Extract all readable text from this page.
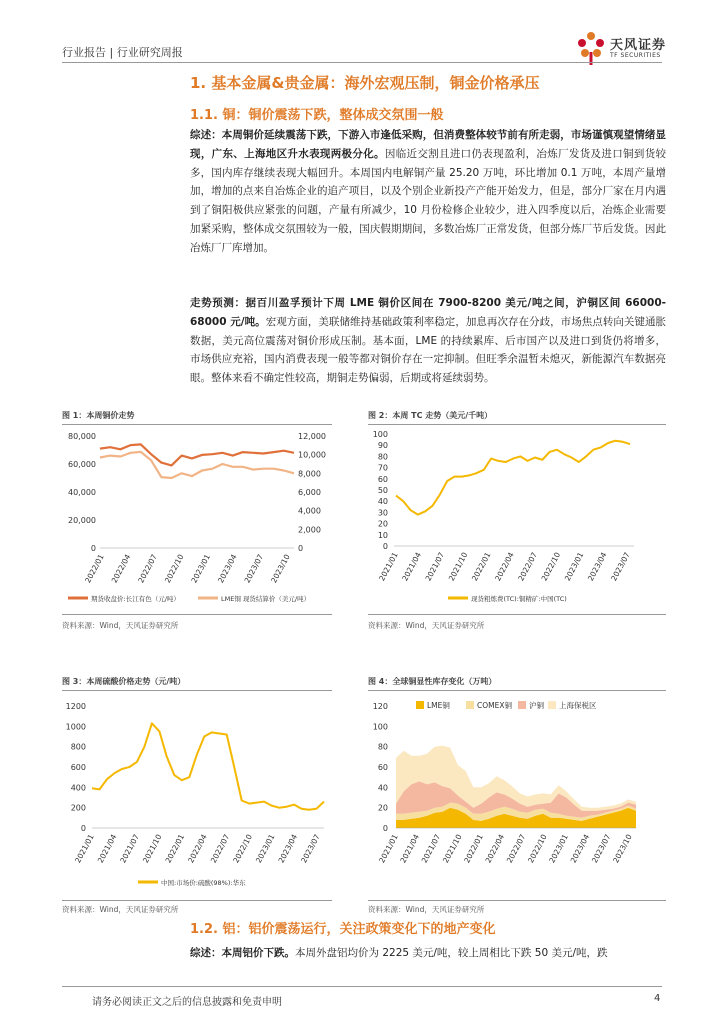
行业报告 | 行业研究周报	天风证券
TF SECURITIES
1. 基本金属&贵金属：海外宏观压制，铜金价格承压
1.1. 铜：铜价震荡下跌，整体成交氛围一般
综述：本周铜价延续震荡下跌，下游入市逢低采购，但消费整体较节前有所走弱，市场谨慎观望情绪显现，广东、上海地区升水表现两极分化。因临近交割且进口仍表现盈利，冶炼厂发货及进口铜到货较多，国内库存继续表现大幅回升。本周国内电解铜产量 25.20 万吨，环比增加 0.1 万吨，本周产量增加，增加的点来自冶炼企业的追产项目，以及个别企业新投产产能开始发力，但是，部分厂家在月内遇到了铜阳极供应紧张的问题，产量有所减少，10 月份检修企业较少，进入四季度以后，冶炼企业需要加紧采购，整体成交氛围较为一般，国庆假期期间，多数冶炼厂正常发货，但部分炼厂节后发货。因此冶炼厂厂库增加。
走势预测：据百川盈孚预计下周 LME 铜价区间在 7900-8200 美元/吨之间，沪铜区间 66000-68000 元/吨。宏观方面，美联储维持基础政策利率稳定，加息再次存在分歧，市场焦点转向关键通胀数据，美元高位震荡对铜价形成压制。基本面，LME 的持续累库、后市国产以及进口到货仍将增多，市场供应充裕，国内消费表现一般等都对铜价存在一定抑制。但旺季余温暂未熄灭，新能源汽车数据亮眼。整体来看不确定性较高，期铜走势偏弱，后期或将延续弱势。
图 1：本周铜价走势
80,000
60,000
40,000
20,000
0
12,000
10,000
8,000
6,000
4,000
2,000
0
2022/01 2022/04 2022/07 2022/10 2023/01 2023/04 2023/07 2023/10
期货收盘价:长江有色（元/吨）	LME铜 现货结算价（美元/吨）
资料来源：Wind，天风证券研究所
图 2：本周 TC 走势（美元/千吨）
100
90
80
70
60
50
40
30
20
10
0
2021/01 2021/04 2021/07 2021/10 2022/01 2022/04 2022/07 2022/10 2023/01 2023/04 2023/07
现货粗炼费(TC):铜精矿:中国(TC)
资料来源：Wind，天风证券研究所
图 3：本周硫酸价格走势（元/吨）
1200
1000
800
600
400
200
0
2021/01 2021/04 2021/07 2021/10 2022/01 2022/04 2022/07 2022/10 2023/01 2023/04 2023/07
中国:市场价:硫酸(98%):华东
资料来源：Wind，天风证券研究所
图 4：全球铜显性库存变化（万吨）
120
100
80
60
40
20
0
2021/01
2021/04
2021/07
2021/10
2022/01
2022/04
2022/07
2022/10
2023/01
2023/04
2023/07
2023/10
LME铜	COMEX铜 沪铜 上海保税区
资料来源：Wind，天风证券研究所
1.2. 铝：铝价震荡运行，关注政策变化下的地产变化
综述：本周铝价下跌。本周外盘铝均价为 2225 美元/吨，较上周相比下跌 50 美元/吨，跌
请务必阅读正文之后的信息披露和免责申明	4
